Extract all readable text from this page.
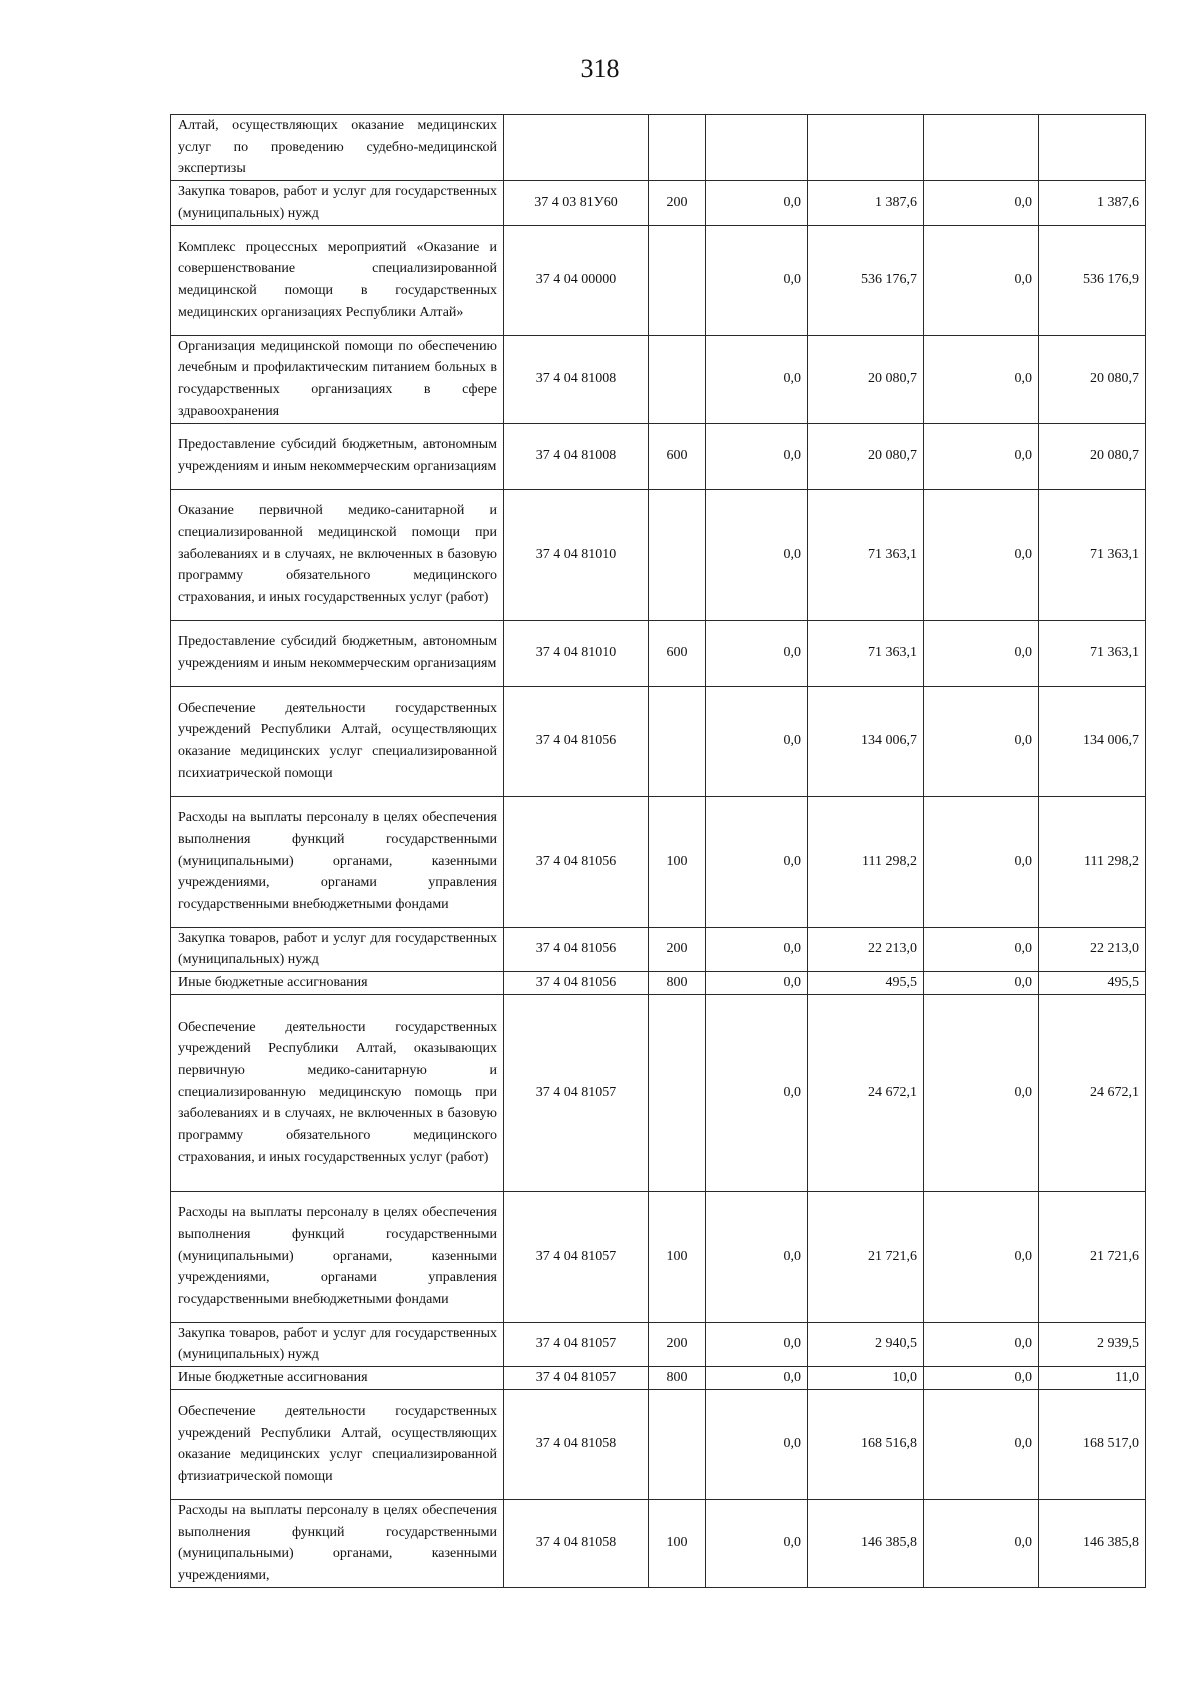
318
Алтай, осуществляющих оказание медицинских услуг по проведению судебно-медицинской экспертизы						
Закупка товаров, работ и услуг для государственных (муниципальных) нужд	37 4 03 81У60	200	0,0	1 387,6	0,0	1 387,6
Комплекс процессных мероприятий «Оказание и совершенствование специализированной медицинской помощи в государственных медицинских организациях Республики Алтай»	37 4 04 00000		0,0	536 176,7	0,0	536 176,9
Организация медицинской помощи по обеспечению лечебным и профилактическим питанием больных в государственных организациях в сфере здравоохранения	37 4 04 81008		0,0	20 080,7	0,0	20 080,7
Предоставление субсидий бюджетным, автономным учреждениям и иным некоммерческим организациям	37 4 04 81008	600	0,0	20 080,7	0,0	20 080,7
Оказание первичной медико-санитарной и специализированной медицинской помощи при заболеваниях и в случаях, не включенных в базовую программу обязательного медицинского страхования, и иных государственных услуг (работ)	37 4 04 81010		0,0	71 363,1	0,0	71 363,1
Предоставление субсидий бюджетным, автономным учреждениям и иным некоммерческим организациям	37 4 04 81010	600	0,0	71 363,1	0,0	71 363,1
Обеспечение деятельности государственных учреждений Республики Алтай, осуществляющих оказание медицинских услуг специализированной психиатрической помощи	37 4 04 81056		0,0	134 006,7	0,0	134 006,7
Расходы на выплаты персоналу в целях обеспечения выполнения функций государственными (муниципальными) органами, казенными учреждениями, органами управления государственными внебюджетными фондами	37 4 04 81056	100	0,0	111 298,2	0,0	111 298,2
Закупка товаров, работ и услуг для государственных (муниципальных) нужд	37 4 04 81056	200	0,0	22 213,0	0,0	22 213,0
Иные бюджетные ассигнования	37 4 04 81056	800	0,0	495,5	0,0	495,5
Обеспечение деятельности государственных учреждений Республики Алтай, оказывающих первичную медико-санитарную и специализированную медицинскую помощь при заболеваниях и в случаях, не включенных в базовую программу обязательного медицинского страхования, и иных государственных услуг (работ)	37 4 04 81057		0,0	24 672,1	0,0	24 672,1
Расходы на выплаты персоналу в целях обеспечения выполнения функций государственными (муниципальными) органами, казенными учреждениями, органами управления государственными внебюджетными фондами	37 4 04 81057	100	0,0	21 721,6	0,0	21 721,6
Закупка товаров, работ и услуг для государственных (муниципальных) нужд	37 4 04 81057	200	0,0	2 940,5	0,0	2 939,5
Иные бюджетные ассигнования	37 4 04 81057	800	0,0	10,0	0,0	11,0
Обеспечение деятельности государственных учреждений Республики Алтай, осуществляющих оказание медицинских услуг специализированной фтизиатрической помощи	37 4 04 81058		0,0	168 516,8	0,0	168 517,0
Расходы на выплаты персоналу в целях обеспечения выполнения функций государственными (муниципальными) органами, казенными учреждениями,	37 4 04 81058	100	0,0	146 385,8	0,0	146 385,8
